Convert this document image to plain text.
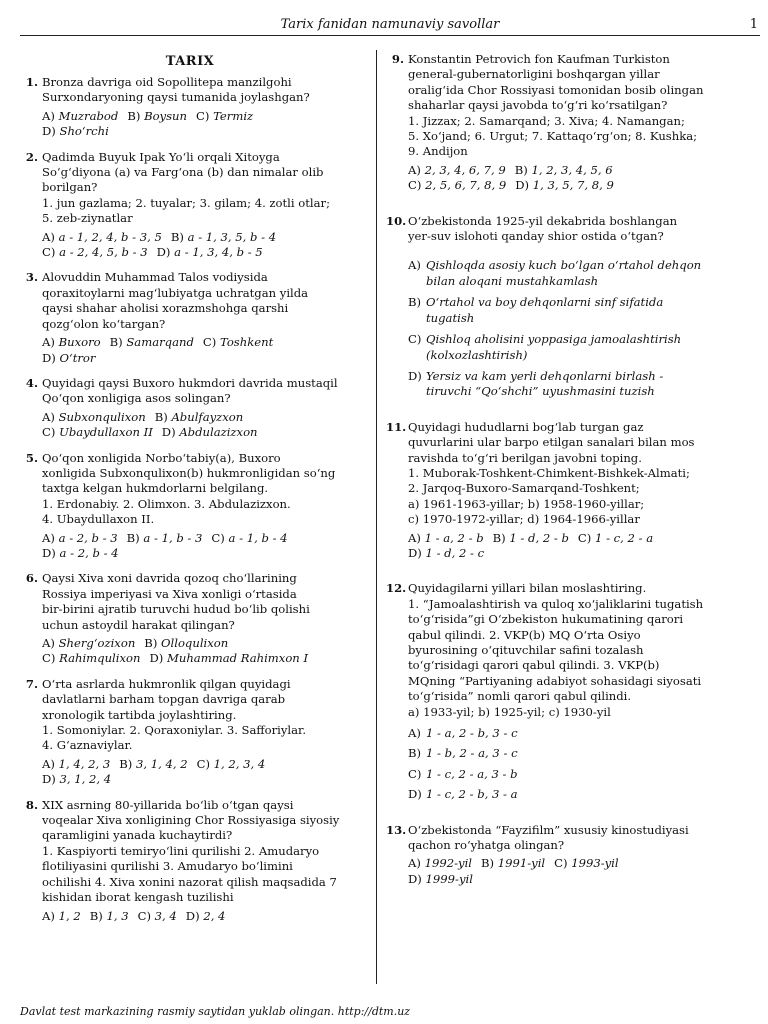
Tarix fanidan namunaviy savollar	1
TARIX
1. Bronza davriga oid Sopollitepa manzilgohi
Surxondaryoning qaysi tumanida joylashgan?
A) Muzrabod B) Boysun C) Termiz
D) Sho‘rchi
2. Qadimda Buyuk Ipak Yo‘li orqali Xitoyga
So‘g‘diyona (a) va Farg‘ona (b) dan nimalar olib
borilgan?
1. jun gazlama; 2. tuyalar; 3. gilam; 4. zotli otlar;
5. zeb-ziynatlar
A) a - 1, 2, 4, b - 3, 5 B) a - 1, 3, 5, b - 4
C) a - 2, 4, 5, b - 3 D) a - 1, 3, 4, b - 5
3. Alovuddin Muhammad Talos vodiysida
qoraxitoylarni mag‘lubiyatga uchratgan yilda
qaysi shahar aholisi xorazmshohga qarshi
qozg‘olon ko‘targan?
A) Buxoro B) Samarqand C) Toshkent
D) O‘tror
4. Quyidagi qaysi Buxoro hukmdori davrida mustaqil
Qo‘qon xonligiga asos solingan?
A) Subxonqulixon B) Abulfayzxon
C) Ubaydullaxon II D) Abdulazizxon
5. Qo‘qon xonligida Norbo‘tabiy(a), Buxoro
xonligida Subxonqulixon(b) hukmronligidan so‘ng
taxtga kelgan hukmdorlarni belgilang.
1. Erdonabiy. 2. Olimxon. 3. Abdulazizxon.
4. Ubaydullaxon II.
A) a - 2, b - 3 B) a - 1, b - 3 C) a - 1, b - 4
D) a - 2, b - 4
6. Qaysi Xiva xoni davrida qozoq cho‘llarining
Rossiya imperiyasi va Xiva xonligi o‘rtasida
bir-birini ajratib turuvchi hudud bo‘lib qolishi
uchun astoydil harakat qilingan?
A) Sherg‘ozixon B) Olloqulixon
C) Rahimqulixon D) Muhammad Rahimxon I
7. O‘rta asrlarda hukmronlik qilgan quyidagi
davlatlarni barham topgan davriga qarab
xronologik tartibda joylashtiring.
1. Somoniylar. 2. Qoraxoniylar. 3. Safforiylar.
4. G‘aznaviylar.
A) 1, 4, 2, 3 B) 3, 1, 4, 2 C) 1, 2, 3, 4
D) 3, 1, 2, 4
8. XIX asrning 80-yillarida bo‘lib o‘tgan qaysi
voqealar Xiva xonligining Chor Rossiyasiga siyosiy
qaramligini yanada kuchaytirdi?
1. Kaspiyorti temiryo‘lini qurilishi 2. Amudaryo
flotiliyasini qurilishi 3. Amudaryo bo‘limini
ochilishi 4. Xiva xonini nazorat qilish maqsadida 7
kishidan iborat kengash tuzilishi
A) 1, 2 B) 1, 3 C) 3, 4 D) 2, 4
9. Konstantin Petrovich fon Kaufman Turkiston
general-gubernatorligini boshqargan yillar
oraligʻida Chor Rossiyasi tomonidan bosib olingan
shaharlar qaysi javobda to‘g‘ri ko‘rsatilgan?
1. Jizzax; 2. Samarqand; 3. Xiva; 4. Namangan;
5. Xo‘jand; 6. Urgut; 7. Kattaqo‘rg‘on; 8. Kushka;
9. Andijon
A) 2, 3, 4, 6, 7, 9 B) 1, 2, 3, 4, 5, 6
C) 2, 5, 6, 7, 8, 9 D) 1, 3, 5, 7, 8, 9
10. O‘zbekistonda 1925-yil dekabrida boshlangan
yer-suv islohoti qanday shior ostida o‘tgan?
A) Qishloqda asosiy kuch bo‘lgan o‘rtahol dehqon
bilan aloqani mustahkamlash
B) O‘rtahol va boy dehqonlarni sinf sifatida
tugatish
C) Qishloq aholisini yoppasiga jamoalashtirish
(kolxozlashtirish)
D) Yersiz va kam yerli dehqonlarni birlash -
tiruvchi “Qo‘shchi” uyushmasini tuzish
11. Quyidagi hududlarni bog‘lab turgan gaz
quvurlarini ular barpo etilgan sanalari bilan mos
ravishda to‘g‘ri berilgan javobni toping.
1. Muborak-Toshkent-Chimkent-Bishkek-Almati;
2. Jarqoq-Buxoro-Samarqand-Toshkent;
a) 1961-1963-yillar; b) 1958-1960-yillar;
c) 1970-1972-yillar; d) 1964-1966-yillar
A) 1 - a, 2 - b B) 1 - d, 2 - b C) 1 - c, 2 - a
D) 1 - d, 2 - c
12. Quyidagilarni yillari bilan moslashtiring.
1. “Jamoalashtirish va quloq xo‘jaliklarini tugatish
to‘g‘risida”gi O‘zbekiston hukumatining qarori
qabul qilindi. 2. VKP(b) MQ O‘rta Osiyo
byurosining o‘qituvchilar safini tozalash
to‘g‘risidagi qarori qabul qilindi. 3. VKP(b)
MQning “Partiyaning adabiyot sohasidagi siyosati
to‘g‘risida” nomli qarori qabul qilindi.
a) 1933-yil; b) 1925-yil; c) 1930-yil
A) 1 - a, 2 - b, 3 - c
B) 1 - b, 2 - a, 3 - c
C) 1 - c, 2 - a, 3 - b
D) 1 - c, 2 - b, 3 - a
13. O‘zbekistonda “Fayzifilm” xususiy kinostudiyasi
qachon ro‘yhatga olingan?
A) 1992-yil B) 1991-yil C) 1993-yil
D) 1999-yil
Davlat test markazining rasmiy saytidan yuklab olingan. http://dtm.uz
